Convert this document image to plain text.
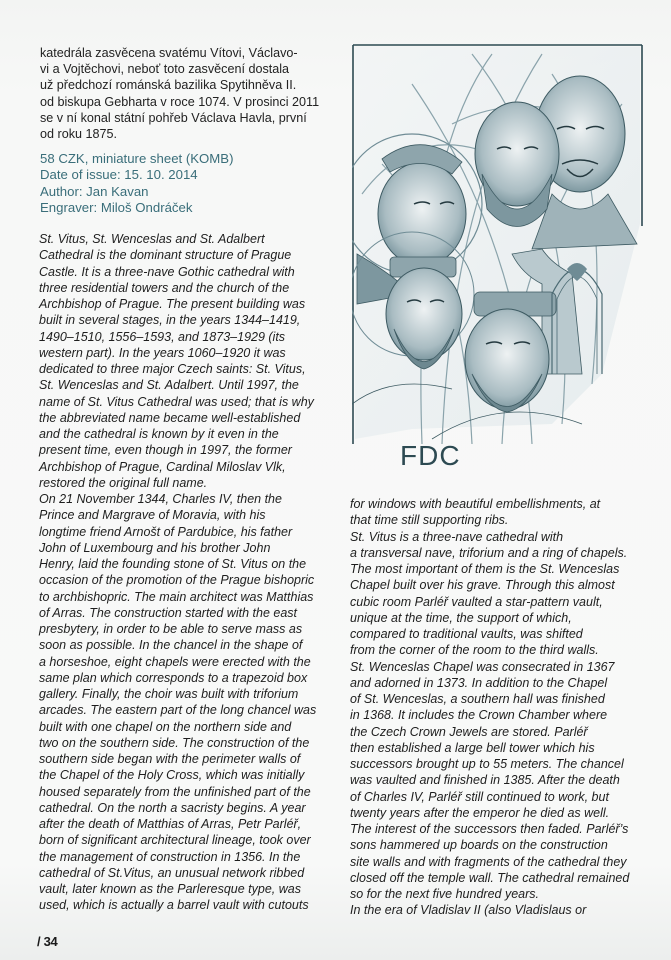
katedrála zasvěcena svatému Vítovi, Václavo-
vi a Vojtěchovi, neboť toto zasvěcení dostala
už předchozí románská bazilika Spytihněva II.
od biskupa Gebharta v roce 1074. V prosinci 2011
se v ní konal státní pohřeb Václava Havla, první
od roku 1875.
58 CZK, miniature sheet (KOMB)
Date of issue: 15. 10. 2014
Author: Jan Kavan
Engraver: Miloš Ondráček
FDC
St. Vitus, St. Wenceslas and St. Adalbert
Cathedral is the dominant structure of Prague
Castle. It is a three-nave Gothic cathedral with
three residential towers and the church of the
Archbishop of Prague. The present building was
built in several stages, in the years 1344–1419,
1490–1510, 1556–1593, and 1873–1929 (its
western part). In the years 1060–1920 it was
dedicated to three major Czech saints: St. Vitus,
St. Wenceslas and St. Adalbert. Until 1997, the
name of St. Vitus Cathedral was used; that is why
the abbreviated name became well-established
and the cathedral is known by it even in the
present time, even though in 1997, the former
Archbishop of Prague, Cardinal Miloslav Vlk,
restored the original full name.
On 21 November 1344, Charles IV, then the
Prince and Margrave of Moravia, with his
longtime friend Arnošt of Pardubice, his father
John of Luxembourg and his brother John
Henry, laid the founding stone of St. Vitus on the
occasion of the promotion of the Prague bishopric
to archbishopric. The main architect was Matthias
of Arras. The construction started with the east
presbytery, in order to be able to serve mass as
soon as possible. In the chancel in the shape of
a horseshoe, eight chapels were erected with the
same plan which corresponds to a trapezoid box
gallery. Finally, the choir was built with triforium
arcades. The eastern part of the long chancel was
built with one chapel on the northern side and
two on the southern side. The construction of the
southern side began with the perimeter walls of
the Chapel of the Holy Cross, which was initially
housed separately from the unfinished part of the
cathedral. On the north a sacristy begins. A year
after the death of Matthias of Arras, Petr Parléř,
born of significant architectural lineage, took over
the management of construction in 1356. In the
cathedral of St.Vitus, an unusual network ribbed
vault, later known as the Parleresque type, was
used, which is actually a barrel vault with cutouts
for windows with beautiful embellishments, at
that time still supporting ribs.
St. Vitus is a three-nave cathedral with
a transversal nave, triforium and a ring of chapels.
The most important of them is the St. Wenceslas
Chapel built over his grave. Through this almost
cubic room Parléř vaulted a star-pattern vault,
unique at the time, the support of which,
compared to traditional vaults, was shifted
from the corner of the room to the third walls.
St. Wenceslas Chapel was consecrated in 1367
and adorned in 1373. In addition to the Chapel
of St. Wenceslas, a southern hall was finished
in 1368. It includes the Crown Chamber where
the Czech Crown Jewels are stored. Parléř
then established a large bell tower which his
successors brought up to 55 meters. The chancel
was vaulted and finished in 1385. After the death
of Charles IV, Parléř still continued to work, but
twenty years after the emperor he died as well.
The interest of the successors then faded. Parléř’s
sons hammered up boards on the construction
site walls and with fragments of the cathedral they
closed off the temple wall. The cathedral remained
so for the next five hundred years.
In the era of Vladislav II (also Vladislaus or
/ 34
